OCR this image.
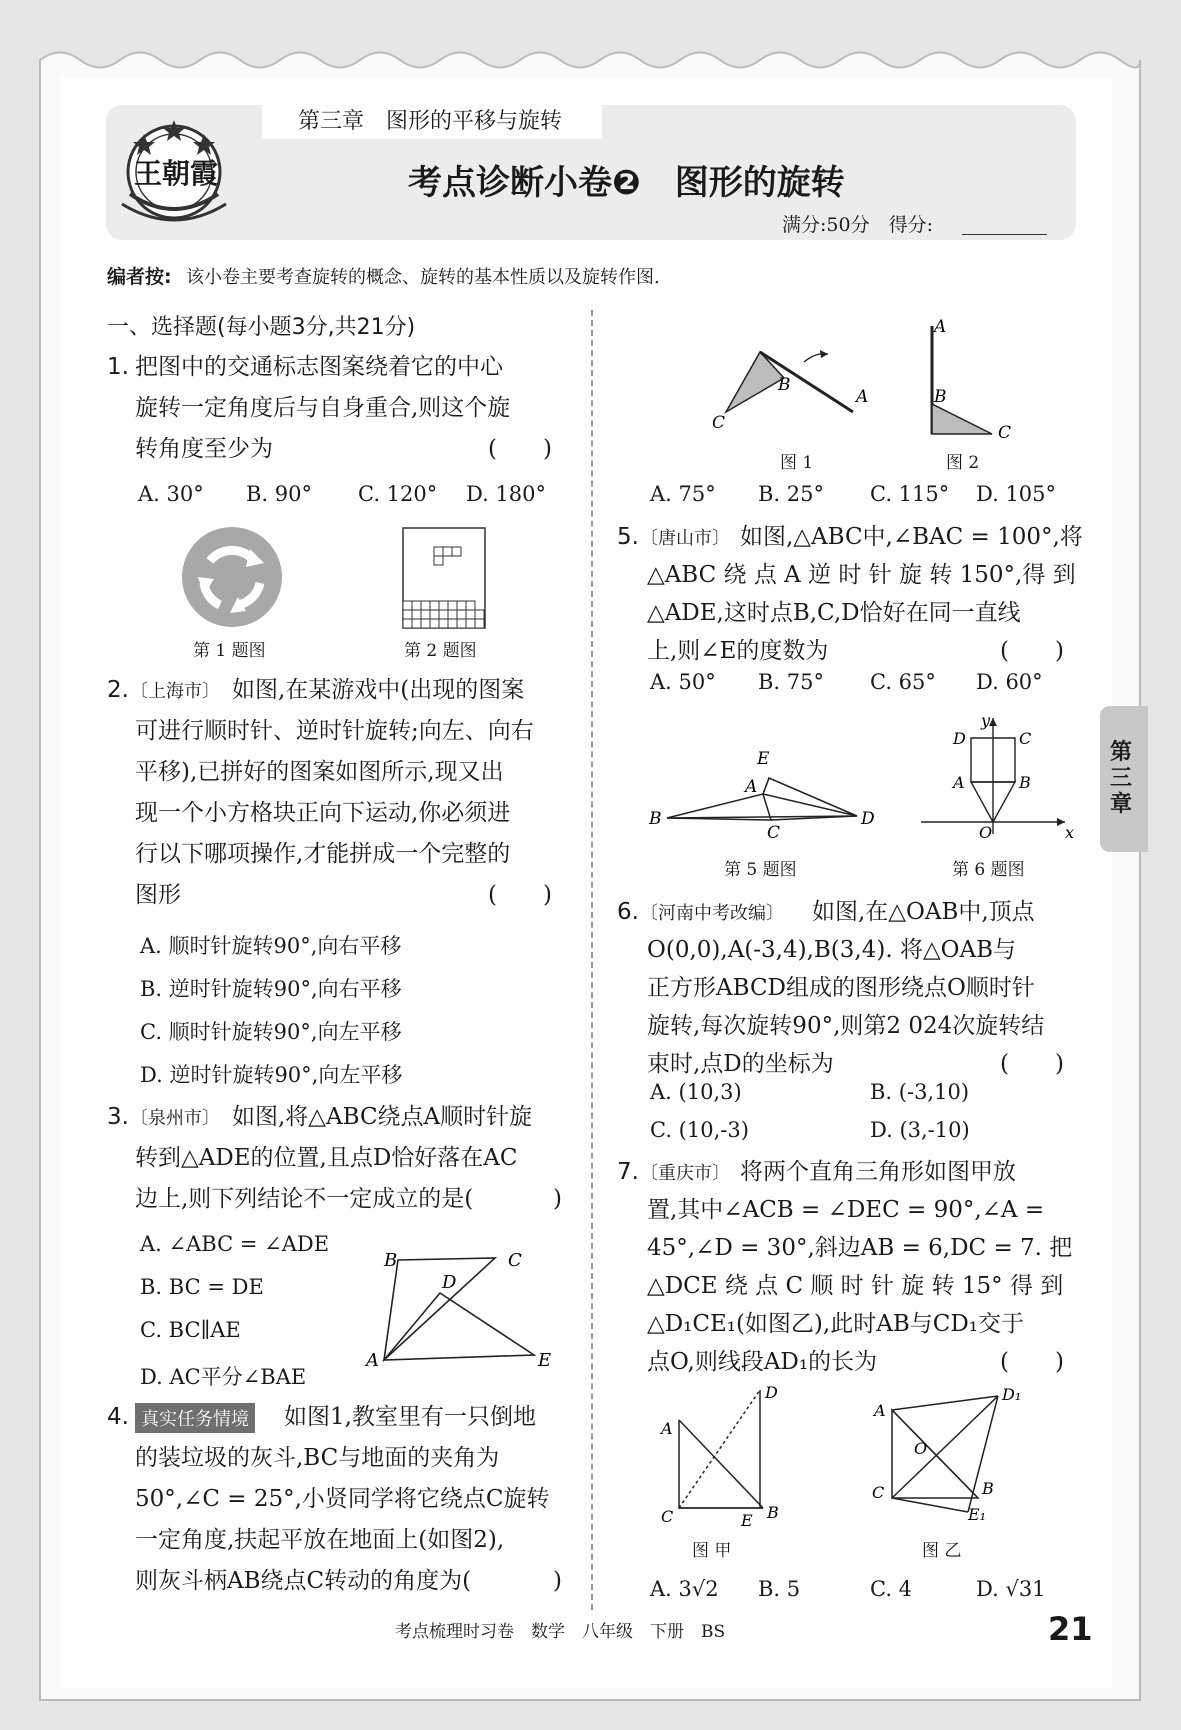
第三章　图形的平移与旋转
王朝霞	考点诊断小卷❷　图形的旋转
满分:50分　得分:
编者按: 该小卷主要考查旋转的概念、旋转的基本性质以及旋转作图.
一、选择题(每小题3分,共21分)
1. 把图中的交通标志图案绕着它的中心
旋转一定角度后与自身重合,则这个旋
转角度至少为	(　　)
A. 30° B. 90° C. 120° D. 180°
第 1 题图	第 2 题图
2. 〔上海市〕 如图,在某游戏中(出现的图案
可进行顺时针、逆时针旋转;向左、向右
平移),已拼好的图案如图所示,现又出
现一个小方格块正向下运动,你必须进
行以下哪项操作,才能拼成一个完整的
图形	(　　)
A. 顺时针旋转90°,向右平移
B. 逆时针旋转90°,向右平移
C. 顺时针旋转90°,向左平移
D. 逆时针旋转90°,向左平移
3. 〔泉州市〕 如图,将△ABC绕点A顺时针旋
转到△ADE的位置,且点D恰好落在AC
边上,则下列结论不一定成立的是(	)
A. ∠ABC = ∠ADE
B. BC = DE
C. BC∥AE
D. AC平分∠BAE
B	C
D
A	E
4. 真实任务情境 如图1,教室里有一只倒地
的装垃圾的灰斗,BC与地面的夹角为
50°,∠C = 25°,小贤同学将它绕点C旋转
一定角度,扶起平放在地面上(如图2),
则灰斗柄AB绕点C转动的角度为(	)
B
A
C
图 1
A
B
C
图 2
A. 75° B. 25° C. 115° D. 105°
5. 〔唐山市〕 如图,△ABC中,∠BAC = 100°,将
△ABC 绕 点 A 逆 时 针 旋 转 150°,得 到
△ADE,这时点B,C,D恰好在同一直线
上,则∠E的度数为	(　　)
A. 50° B. 75° C. 65° D. 60°
E
A
B
C
D
第 5 题图
y
D	C
A	B
O	x
第 6 题图
6. 〔河南中考改编〕 如图,在△OAB中,顶点
O(0,0),A(-3,4),B(3,4). 将△OAB与
正方形ABCD组成的图形绕点O顺时针
旋转,每次旋转90°,则第2 024次旋转结
束时,点D的坐标为	(　　)
A. (10,3)	B. (-3,10)
C. (10,-3)	D. (3,-10)
7. 〔重庆市〕 将两个直角三角形如图甲放
置,其中∠ACB = ∠DEC = 90°,∠A =
45°,∠D = 30°,斜边AB = 6,DC = 7. 把
△DCE 绕 点 C 顺 时 针 旋 转 15° 得 到
△D₁CE₁(如图乙),此时AB与CD₁交于
点O,则线段AD₁的长为	(　　)
A
C	B
E
D
图 甲
A
D₁
O
C	B
E₁
图 乙
A. 3√2 B. 5	C. 4	D. √31
第三章
考点梳理时习卷　数学　八年级　下册　BS	21
